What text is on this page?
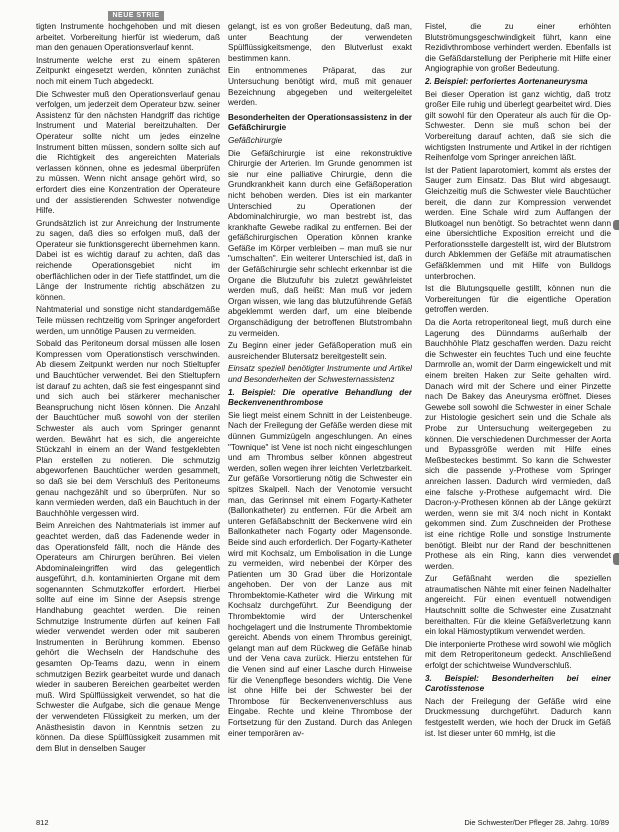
NEUE STRIE

tigten Instrumente hochgehoben und mit diesen arbeitet. Vorbereitung hierfür ist wiederum, daß man den genauen Operationsverlauf kennt.

Instrumente welche erst zu einem späteren Zeitpunkt eingesetzt werden, könnten zunächst noch mit einem Tuch abgedeckt.

Die Schwester muß den Operationsverlauf genau verfolgen, um jederzeit dem Operateur bzw. seiner Assistenz für den nächsten Handgriff das richtige Instrument und Material bereitzuhalten. Der Operateur sollte nicht um jedes einzelne Instrument bitten müssen, sondern sollte sich auf die Richtigkeit des angereichten Materials verlassen können, ohne es jedesmal überprüfen zu müssen. Wenn nicht ansage gehört wird, so erfordert dies eine Konzentration der Operateure und der assistierenden Schwester notwendige Hilfe.

Grundsätzlich ist zur Anreichung der Instrumente zu sagen, daß dies so erfolgen muß, daß der Operateur sie funktionsgerecht übernehmen kann. Dabei ist es wichtig darauf zu achten, daß das reichende Operationsgebiet nicht im oberflächlichen oder in der Tiefe stattfindet, um die Länge der Instrumente richtig abschätzen zu können.

Nahtmaterial und sonstige nicht standardgemäße Teile müssen rechtzeitig vom Springer angefordert werden, um unnötige Pausen zu vermeiden.

Sobald das Peritoneum dorsal müssen alle losen Kompressen vom Operationstisch verschwinden. Ab diesem Zeitpunkt werden nur noch Stieltupfer und Bauchtücher verwendet. Bei den Stieltupfern ist darauf zu achten, daß sie fest eingespannt sind und sich auch bei stärkerer mechanischer Beanspruchung nicht lösen können. Die Anzahl der Bauchtücher muß sowohl von der sterilen Schwester als auch vom Springer genannt werden. Bewährt hat es sich, die angereichte Stückzahl in einem an der Wand festgeklebten Plan erstellen zu notieren. Die schmutzig abgeworfenen Bauchtücher werden gesammelt, so daß sie bei dem Verschluß des Peritoneums genau nachgezählt und so überprüfen. Nur so kann vermieden werden, daß ein Bauchtuch in der Bauchhöhle vergessen wird.

Beim Anreichen des Nahtmaterials ist immer auf geachtet werden, daß das Fadenende weder in das Operationsfeld fällt, noch die Hände des Operateurs am Chirurgen berühren. Bei vielen Abdominaleingriffen wird das gelegentlich ausgeführt, d.h. kontaminierten Organe mit dem sogenannten Schmutzkoffer erfordert. Hierbei sollte auf eine im Sinne der Asepsis strenge Handhabung geachtet werden. Die reinen Schmutzige Instrumente dürfen auf keinen Fall wieder verwendet werden oder mit sauberen Instrumenten in Berührung kommen. Ebenso gehört die Wechseln der Handschuhe des gesamten Op-Teams dazu, wenn in einem schmutzigen Bezirk gearbeitet wurde und danach wieder in sauberen Bereichen gearbeitet werden muß. Wird Spülflüssigkeit verwendet, so hat die Schwester die Aufgabe, sich die genaue Menge der verwendeten Flüssigkeit zu merken, um der Anästhesistin davon in Kenntnis setzen zu können. Da diese Spülflüssigkeit zusammen mit dem Blut in denselben Sauger

gelangt, ist es von großer Bedeutung, daß man, unter Beachtung der verwendeten Spülflüssigkeitsmenge, den Blutverlust exakt bestimmen kann.

Ein entnommenes Präparat, das zur Untersuchung benötigt wird, muß mit genauer Bezeichnung abgegeben und weitergeleitet werden.

Besonderheiten der Operationsassistenz in der Gefäßchirurgie

Gefäßchirurgie

Die Gefäßchirurgie ist eine rekonstruktive Chirurgie der Arterien. Im Grunde genommen ist sie nur eine palliative Chirurgie, denn die Grundkrankheit kann durch eine Gefäßoperation nicht behoben werden. Dies ist ein markanter Unterschied zu Operationen der Abdominalchirurgie, wo man bestrebt ist, das krankhafte Gewebe radikal zu entfernen. Bei der gefäßchirurgischen Operation können kranke Gefäße im Körper verbleiben – man muß sie nur "umschalten". Ein weiterer Unterschied ist, daß in der Gefäßchirurgie sehr schlecht erkennbar ist die Organe die Blutzufuhr bis zuletzt gewährleistet werden muß, daß heißt: Man muß vor jedem Organ wissen, wie lang das blutzuführende Gefäß abgeklemmt werden darf, um eine bleibende Organschädigung der betroffenen Blutstrombahn zu vermeiden.

Zu Beginn einer jeder Gefäßoperation muß ein ausreichender Blutersatz bereitgestellt sein.

Einsatz speziell benötigter Instrumente und Artikel und Besonderheiten der Schwesternassistenz

1. Beispiel: Die operative Behandlung der Beckenvenenthrombose

Sie liegt meist einem Schnitt in der Leistenbeuge. Nach der Freilegung der Gefäße werden diese mit dünnen Gummizügeln angeschlungen. An eines "Townique" ist Vene ist noch nicht eingeschlungen und am Thrombus selber können abgestreut werden, sollen wegen ihrer leichten Verletzbarkeit. Zur gefäße Vorsortierung nötig die Schwester ein spitzes Skalpell. Nach der Venotomie versucht man, das Gerinnsel mit einem Fogarty-Katheter (Ballonkatheter) zu entfernen. Für die Arbeit am unteren Gefäßabschnitt der Beckenvene wird ein Ballonkatheter nach Fogarty oder Magensonde. Beide sind auch erforderlich. Der Fogarty-Katheter wird mit Kochsalz, um Embolisation in die Lunge zu vermeiden, wird nebenbei der Körper des Patienten um 30 Grad über die Horizontale angehoben. Der von der Lanze aus mit Thrombektomie-Katheter wird die Wirkung mit Kochsalz durchgeführt. Zur Beendigung der Thrombektomie wird der Unterschenkel hochgelagert und die Instrumente Thrombektomie gereicht. Abends von einem Thrombus gereinigt, gelangt man auf dem Rückweg die Gefäße hinab und der Vena cava zurück. Hierzu entstehen für die Venen sind auf einer Lasche durch Hinweise für die Venenpflege besonders wichtig. Die Vene ist ohne Hilfe bei der Schwester bei der Thrombose für Beckenvenenverschluss aus Eingabe. Rechte und kleine Thrombose der Fortsetzung für den Zustand. Durch das Anlegen einer temporären av-

Fistel, die zu einer erhöhten Blutströmungsgeschwindigkeit führt, kann eine Rezidivthrombose verhindert werden. Ebenfalls ist die Gefäßdarstellung der Peripherie mit Hilfe einer Angiographie von großer Bedeutung.

2. Beispiel: perforiertes Aortenaneurysma

Bei dieser Operation ist ganz wichtig, daß trotz großer Eile ruhig und überlegt gearbeitet wird. Dies gilt sowohl für den Operateur als auch für die Op-Schwester. Denn sie muß schon bei der Vorbereitung darauf achten, daß sie sich die wichtigsten Instrumente und Artikel in der richtigen Reihenfolge vom Springer anreichen läßt.

Ist der Patient laparotomiert, kommt als erstes der Sauger zum Einsatz. Das Blut wird abgesaugt. Gleichzeitig muß die Schwester viele Bauchtücher bereit, die dann zur Kompression verwendet werden. Eine Schale wird zum Auffangen der Blutkoagel nun benötigt. So betrachtet wenn dann eine übersichtliche Exposition erreicht und die Perforationsstelle dargestellt ist, wird der Blutstrom durch Abklemmen der Gefäße mit atraumatischen Gefäßklemmen und mit Hilfe von Bulldogs unterbrochen.

Ist die Blutungsquelle gestillt, können nun die Vorbereitungen für die eigentliche Operation getroffen werden.

Da die Aorta retroperitoneal liegt, muß durch eine Lagerung des Dünndarms außerhalb der Bauchhöhle Platz geschaffen werden. Dazu reicht die Schwester ein feuchtes Tuch und eine feuchte Darmrolle an, womit der Darm eingewickelt und mit einem breiten Haken zur Seite gehalten wird. Danach wird mit der Schere und einer Pinzette nach De Bakey das Aneurysma eröffnet. Dieses Gewebe soll sowohl die Schwester in einer Schale zur Histologie gesichert sein und die Schale als Probe zur Untersuchung weitergegeben zu können. Die verschiedenen Durchmesser der Aorta und Bypassgröße werden mit Hilfe eines Meßbesteckes bestimmt. So kann die Schwester sich die passende y-Prothese vom Springer anreichen lassen. Dadurch wird vermieden, daß eine falsche y-Prothese aufgemacht wird. Die Dacron-y-Prothesen können ab der Länge gekürzt werden, wenn sie mit 3/4 noch nicht in Kontakt gekommen sind. Zum Zuschneiden der Prothese ist eine richtige Rolle und sonstige Instrumente benötigt. Bleibt nur der Rand der beschnittenen Prothese als ein Ring, kann dies verwendet werden.

Zur Gefäßnaht werden die speziellen atraumatischen Nähte mit einer feinen Nadelhalter angereicht. Für einen eventuell notwendigen Hautschnitt sollte die Schwester eine Zusatznaht bereithalten. Für die kleine Gefäßverletzung kann ein lokal Hämostyptikum verwendet werden.

Die interponierte Prothese wird sowohl wie möglich mit dem Retroperitoneum gedeckt. Anschließend erfolgt der schichtweise Wundverschluß.

3. Beispiel: Besonderheiten bei einer Carotisstenose

Nach der Freilegung der Gefäße wird eine Druckmessung durchgeführt. Dadurch kann festgestellt werden, wie hoch der Druck im Gefäß ist. Ist dieser unter 60 mmHg, ist die

812	Die Schwester/Der Pfleger 28. Jahrg. 10/89
